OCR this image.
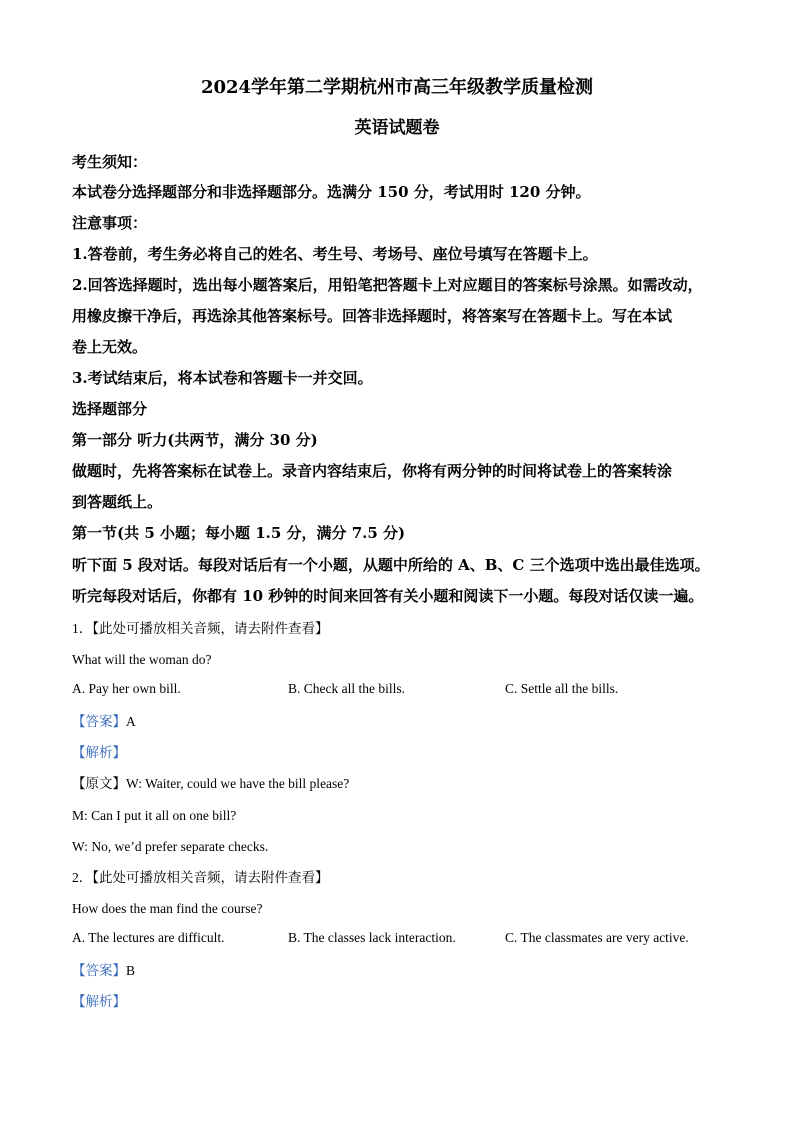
2024学年第二学期杭州市高三年级教学质量检测
英语试题卷
考生须知：
本试卷分选择题部分和非选择题部分。选满分 150 分，考试用时 120 分钟。
注意事项：
1.答卷前，考生务必将自己的姓名、考生号、考场号、座位号填写在答题卡上。
2.回答选择题时，选出每小题答案后，用铅笔把答题卡上对应题目的答案标号涂黑。如需改动，
用橡皮擦干净后，再选涂其他答案标号。回答非选择题时，将答案写在答题卡上。写在本试
卷上无效。
3.考试结束后，将本试卷和答题卡一并交回。
选择题部分
第一部分 听力(共两节，满分 30 分)
做题时，先将答案标在试卷上。录音内容结束后，你将有两分钟的时间将试卷上的答案转涂
到答题纸上。
第一节(共 5 小题；每小题 1.5 分，满分 7.5 分)
听下面 5 段对话。每段对话后有一个小题，从题中所给的 A、B、C 三个选项中选出最佳选项。
听完每段对话后，你都有 10 秒钟的时间来回答有关小题和阅读下一小题。每段对话仅读一遍。
1．【此处可播放相关音频，请去附件查看】
What will the woman do?
A. Pay her own bill.	B. Check all the bills.	C. Settle all the bills.
【答案】A
【解析】
【原文】W: Waiter, could we have the bill please?
M: Can I put it all on one bill?
W: No, we’d prefer separate checks.
2．【此处可播放相关音频，请去附件查看】
How does the man find the course?
A. The lectures are difficult.	B. The classes lack interaction.	C. The classmates are very active.
【答案】B
【解析】
